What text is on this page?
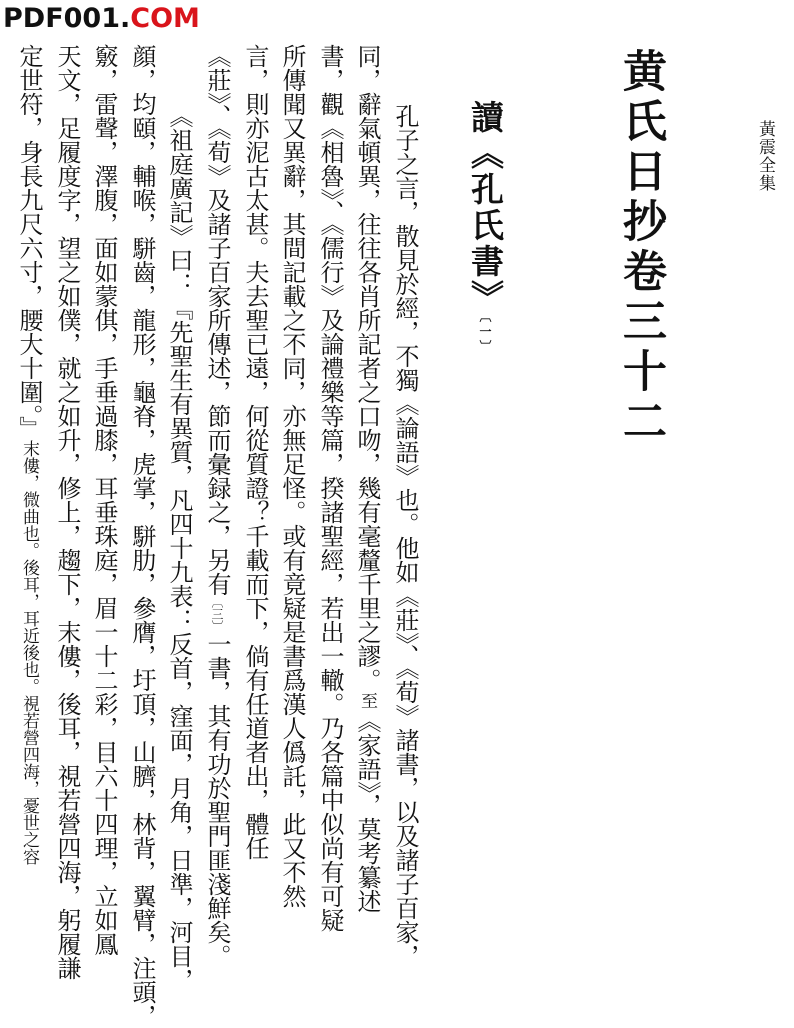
PDF001.COM
黃震全集
黄氏日抄卷三十二
讀《孔氏書》〔一〕
孔子之言，散見於經，不獨《論語》也。他如《莊》、《荀》諸書，以及諸子百家，
同，辭氣頓異，往往各肖所記者之口吻，幾有毫釐千里之謬。至《家語》，莫考纂述
書，觀《相魯》、《儒行》及論禮樂等篇，揆諸聖經，若出一轍。乃各篇中似尚有可疑
所傳聞又異辭，其間記載之不同，亦無足怪。或有竟疑是書爲漢人僞託，此又不然
言，則亦泥古太甚。夫去聖已遠，何從質證？千載而下，倘有任道者出，體任
《莊》、《荀》及諸子百家所傳述，節而彙録之，另有〔三〕一書，其有功於聖門匪淺鮮矣。
《祖庭廣記》曰：『先聖生有異質，凡四十九表：反首，窪面，月角，日準，河目，
顔，均頤，輔喉，駢齒，龍形，龜脊，虎掌，駢肋，參膺，圩頂，山臍，林背，翼臂，注頭，
竅，雷聲，澤腹，面如蒙倛，手垂過膝，耳垂珠庭，眉一十二彩，目六十四理，立如鳳
天文，足履度字，望之如僕，就之如升，修上，趨下，末僂，後耳，視若營四海，躬履謙
定世符，身長九尺六寸，腰大十圍。』末僂，微曲也。後耳，耳近後也。視若營四海，憂世之容
